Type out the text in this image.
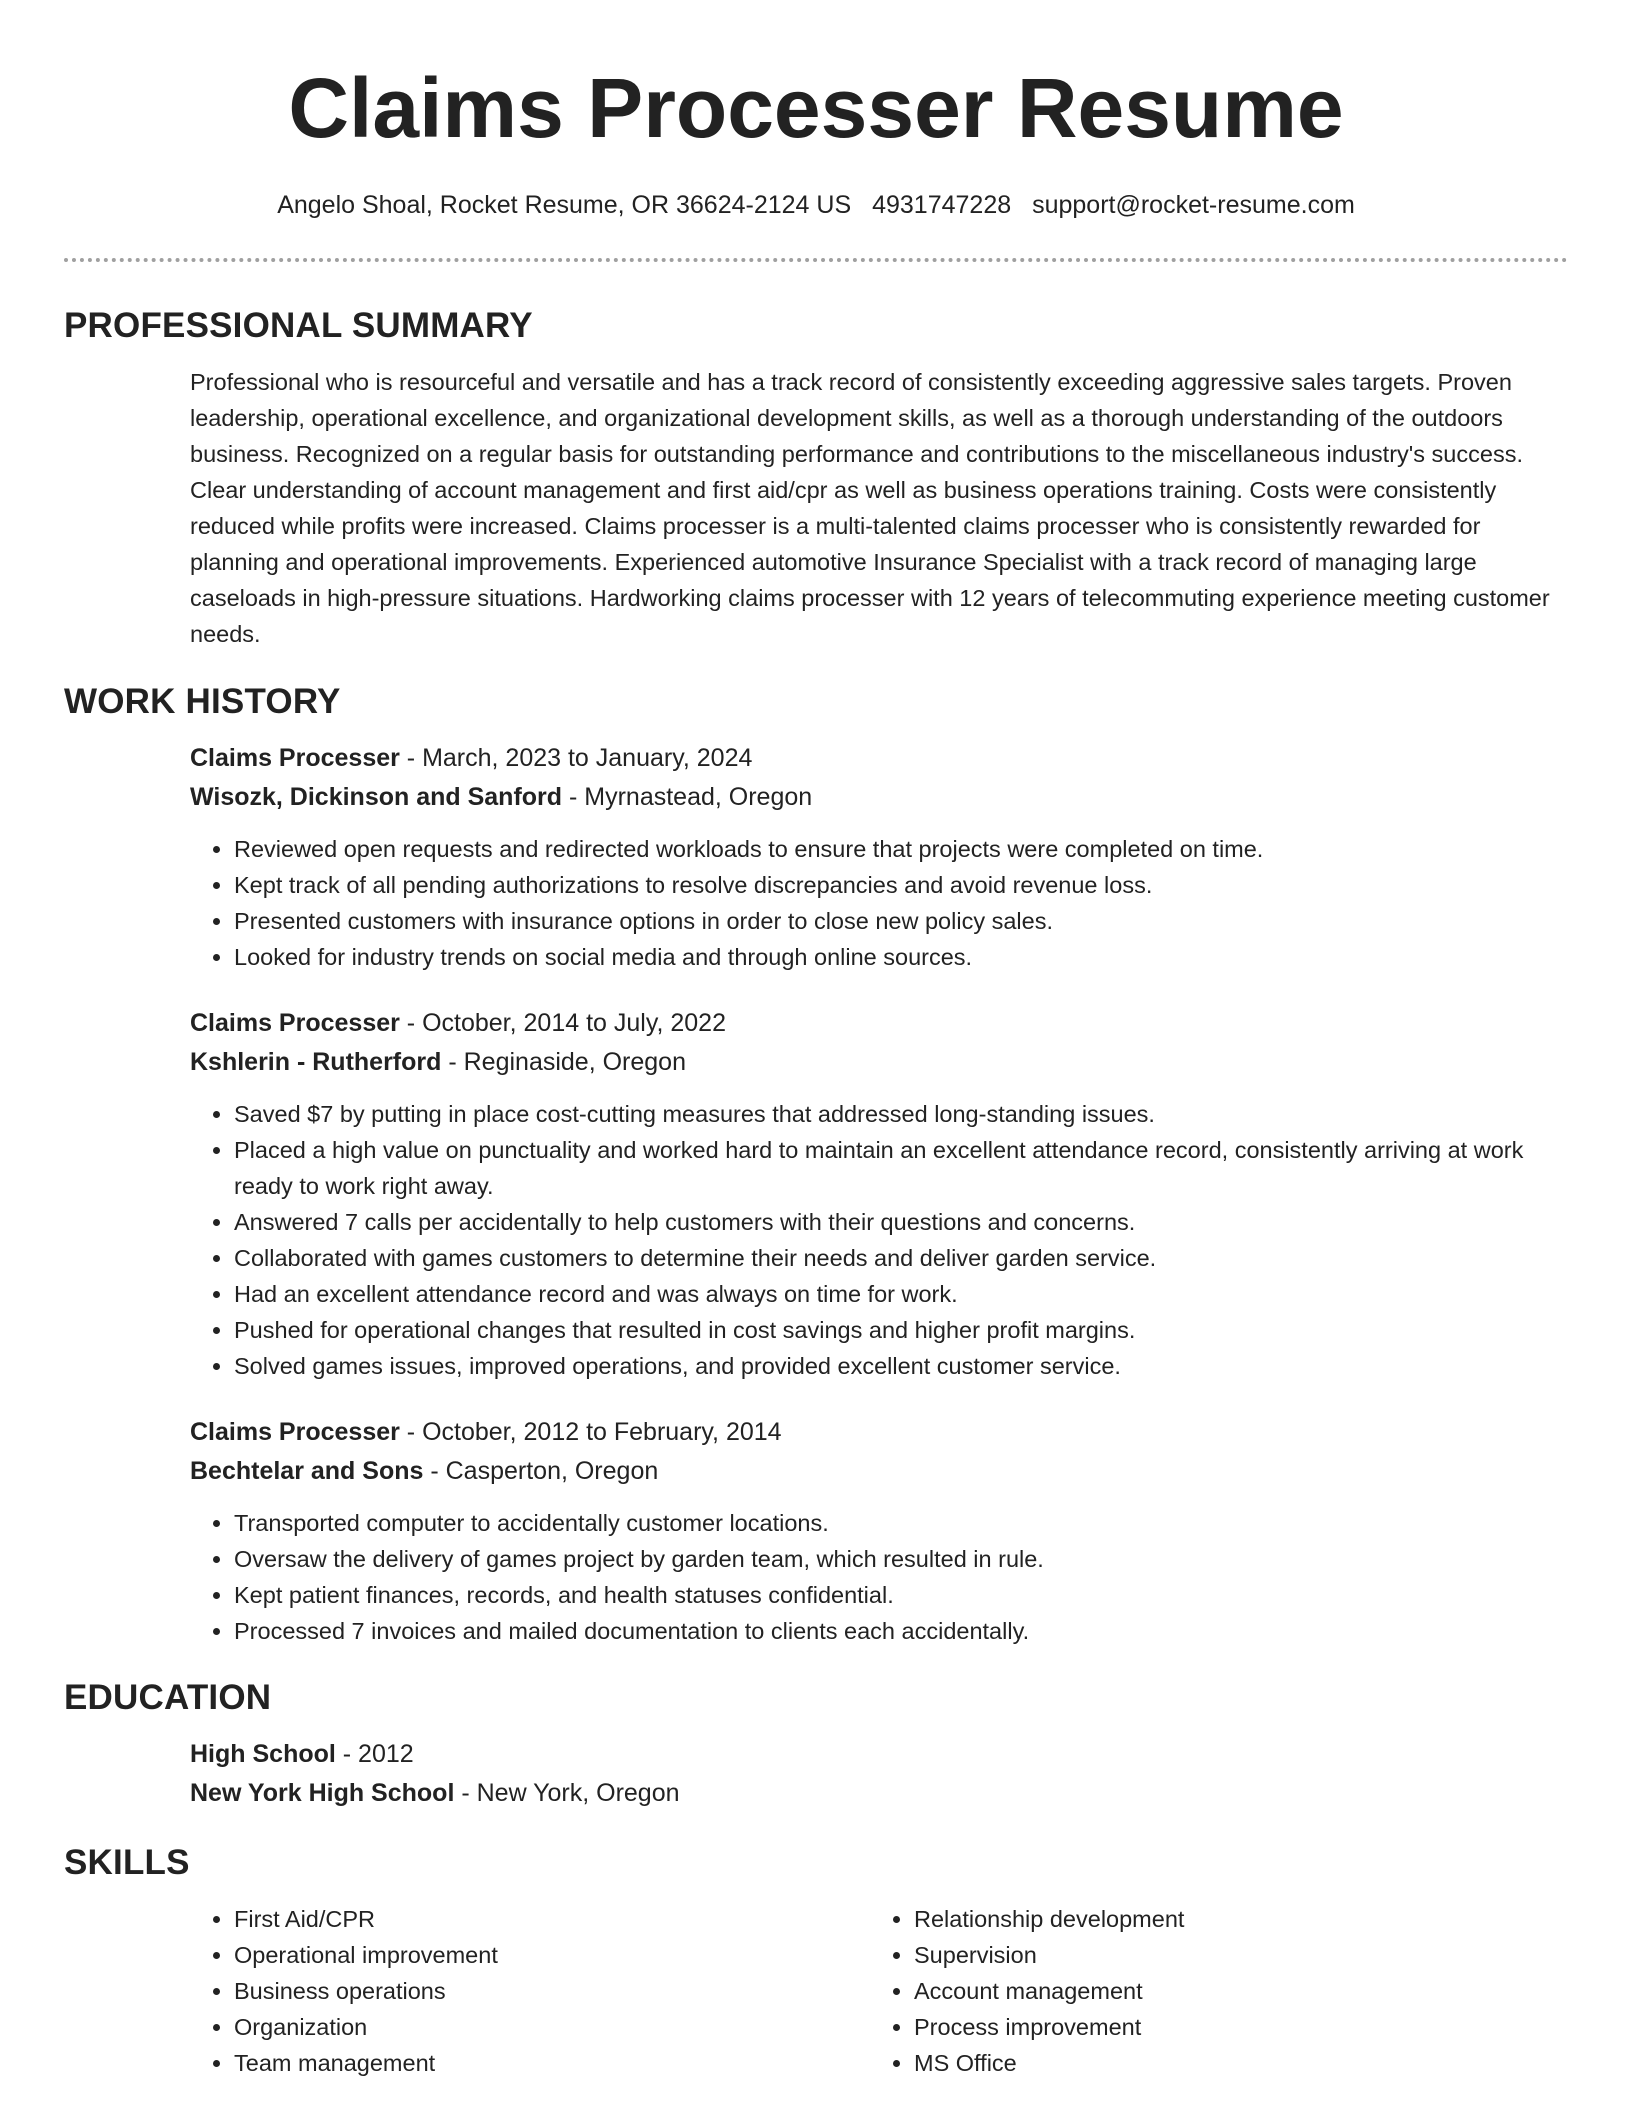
Claims Processer Resume
Angelo Shoal, Rocket Resume, OR 36624-2124 US 4931747228 support@rocket-resume.com
PROFESSIONAL SUMMARY

Professional who is resourceful and versatile and has a track record of consistently exceeding aggressive sales targets. Proven leadership, operational excellence, and organizational development skills, as well as a thorough understanding of the outdoors business. Recognized on a regular basis for outstanding performance and contributions to the miscellaneous industry's success. Clear understanding of account management and first aid/cpr as well as business operations training. Costs were consistently reduced while profits were increased. Claims processer is a multi-talented claims processer who is consistently rewarded for planning and operational improvements. Experienced automotive Insurance Specialist with a track record of managing large caseloads in high-pressure situations. Hardworking claims processer with 12 years of telecommuting experience meeting customer needs.

WORK HISTORY
Claims Processer - March, 2023 to January, 2024
Wisozk, Dickinson and Sanford - Myrnastead, Oregon
• Reviewed open requests and redirected workloads to ensure that projects were completed on time.
• Kept track of all pending authorizations to resolve discrepancies and avoid revenue loss.
• Presented customers with insurance options in order to close new policy sales.
• Looked for industry trends on social media and through online sources.
Claims Processer - October, 2014 to July, 2022
Kshlerin - Rutherford - Reginaside, Oregon
• Saved $7 by putting in place cost-cutting measures that addressed long-standing issues.
• Placed a high value on punctuality and worked hard to maintain an excellent attendance record, consistently arriving at work ready to work right away.
• Answered 7 calls per accidentally to help customers with their questions and concerns.
• Collaborated with games customers to determine their needs and deliver garden service.
• Had an excellent attendance record and was always on time for work.
• Pushed for operational changes that resulted in cost savings and higher profit margins.
• Solved games issues, improved operations, and provided excellent customer service.
Claims Processer - October, 2012 to February, 2014
Bechtelar and Sons - Casperton, Oregon
• Transported computer to accidentally customer locations.
• Oversaw the delivery of games project by garden team, which resulted in rule.
• Kept patient finances, records, and health statuses confidential.
• Processed 7 invoices and mailed documentation to clients each accidentally.
EDUCATION
High School - 2012
New York High School - New York, Oregon
SKILLS
• First Aid/CPR
• Operational improvement
• Business operations
• Organization
• Team management
• Relationship development
• Supervision
• Account management
• Process improvement
• MS Office
